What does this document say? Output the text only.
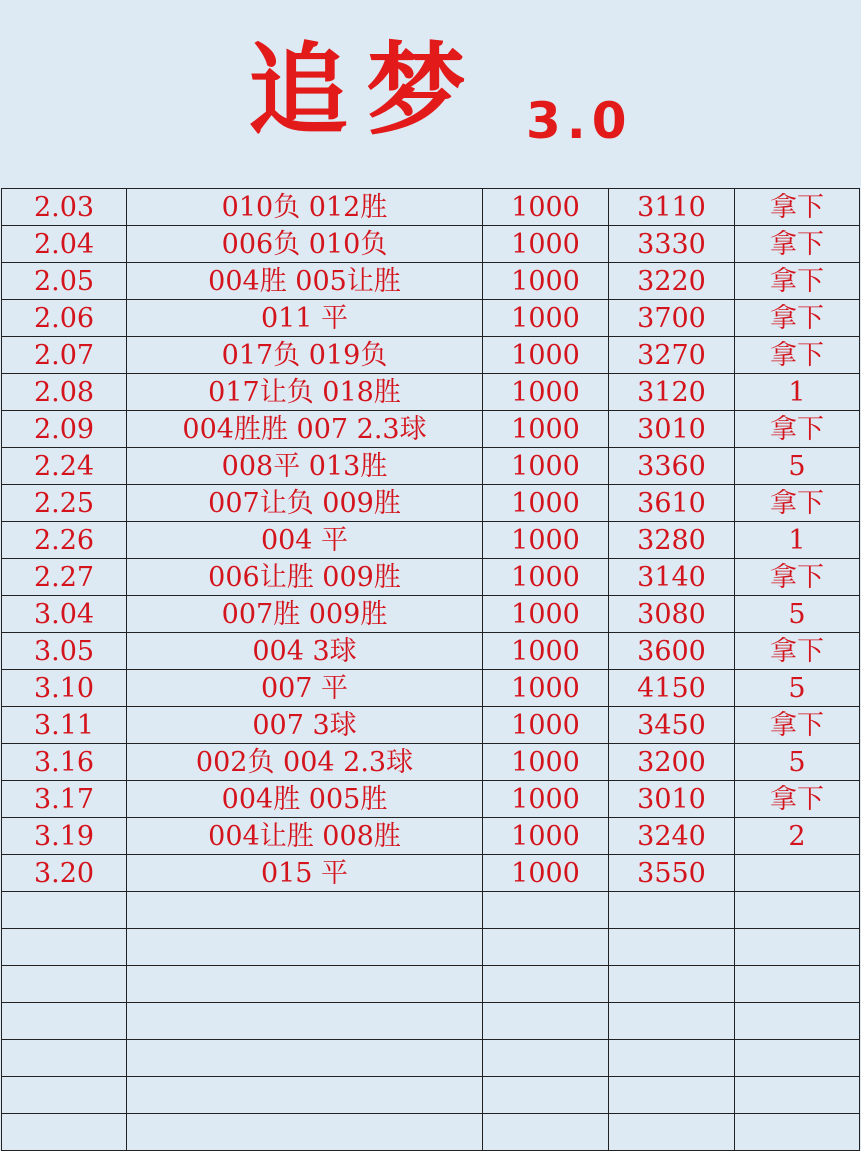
追梦 3.0
2.03	010负 012胜	1000	3110	拿下
2.04	006负 010负	1000	3330	拿下
2.05	004胜 005让胜	1000	3220	拿下
2.06	011 平	1000	3700	拿下
2.07	017负 019负	1000	3270	拿下
2.08	017让负 018胜	1000	3120	1
2.09	004胜胜 007 2.3球	1000	3010	拿下
2.24	008平 013胜	1000	3360	5
2.25	007让负 009胜	1000	3610	拿下
2.26	004 平	1000	3280	1
2.27	006让胜 009胜	1000	3140	拿下
3.04	007胜 009胜	1000	3080	5
3.05	004 3球	1000	3600	拿下
3.10	007 平	1000	4150	5
3.11	007 3球	1000	3450	拿下
3.16	002负 004 2.3球	1000	3200	5
3.17	004胜 005胜	1000	3010	拿下
3.19	004让胜 008胜	1000	3240	2
3.20	015 平	1000	3550	
